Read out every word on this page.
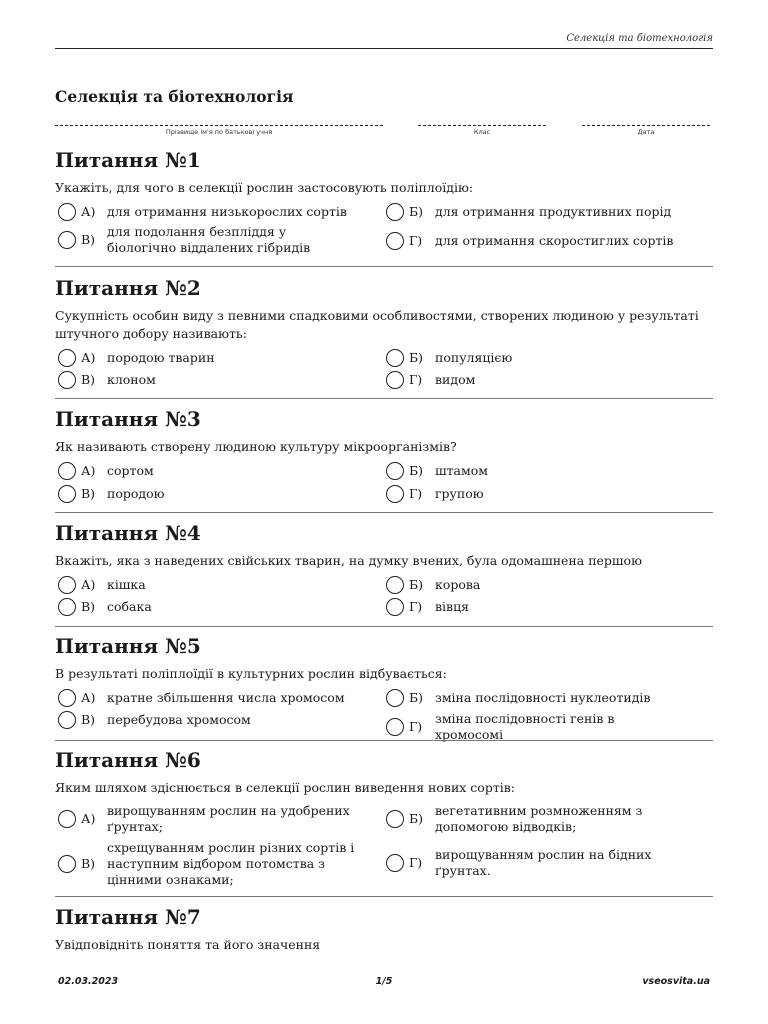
Селекція та біотехнологія
Селекція та біотехнологія
Прізвище ім'я по батькові учня	Клас	Дата
Питання №1
Укажіть, для чого в селекції рослин застосовують поліплоїдію:
А) для отримання низькорослих сортів	Б) для отримання продуктивних порід
В)
для подолання безпліддя у біологічно віддалених гібридів	Г)	для отримання скоростиглих сортів
Питання №2
Сукупність особин виду з певними спадковими особливостями, створених людиною у результаті штучного добору називають:
А) породою тварин	Б) популяцією
В) клоном	Г)	видом
Питання №3
Як називають створену людиною культуру мікроорганізмів?
А) сортом	Б) штамом
В) породою	Г)	групою
Питання №4
Вкажіть, яка з наведених свійських тварин, на думку вчених, була одомашнена першою
А) кішка	Б) корова
В) собака	Г)	вівця
Питання №5
В результаті поліплоїдії в культурних рослин відбувається:
А) кратне збільшення числа хромосом	Б) зміна послідовності нуклеотидів
В) перебудова хромосом	Г)
зміна послідовності генів в хромосомі
Питання №6
Яким шляхом здіснюється в селекції рослин виведення нових сортів:
А)
вирощуванням рослин на удобрених ґрунтах;
Б)
вегетативним розмноженням з допомогою відводків;
В)
схрещуванням рослин різних сортів і наступним відбором потомства з цінними ознаками;
Г)
вирощуванням рослин на бідних ґрунтах.
Питання №7
Увідповідніть поняття та його значення
02.03.2023	1/5	vseosvita.ua
